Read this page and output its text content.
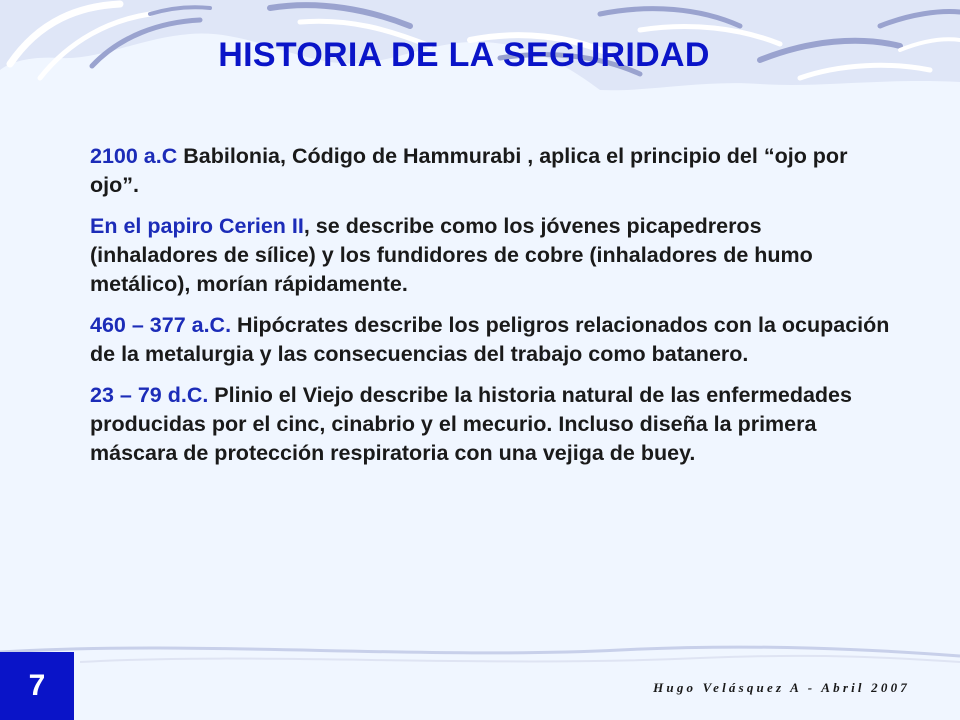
HISTORIA DE LA SEGURIDAD

2100 a.C Babilonia, Código de Hammurabi , aplica el principio del “ojo por ojo”.

En el papiro Cerien II, se describe como los jóvenes picapedreros (inhaladores de sílice) y los fundidores de cobre (inhaladores de humo metálico), morían rápidamente.

460 – 377 a.C. Hipócrates describe los peligros relacionados con la ocupación de la metalurgia y las consecuencias del trabajo como batanero.

23 – 79 d.C. Plinio el Viejo describe la historia natural de las enfermedades producidas por el cinc, cinabrio y el mecurio. Incluso diseña la primera máscara de protección respiratoria con una vejiga de buey.

7	Hugo Velásquez A - Abril 2007
